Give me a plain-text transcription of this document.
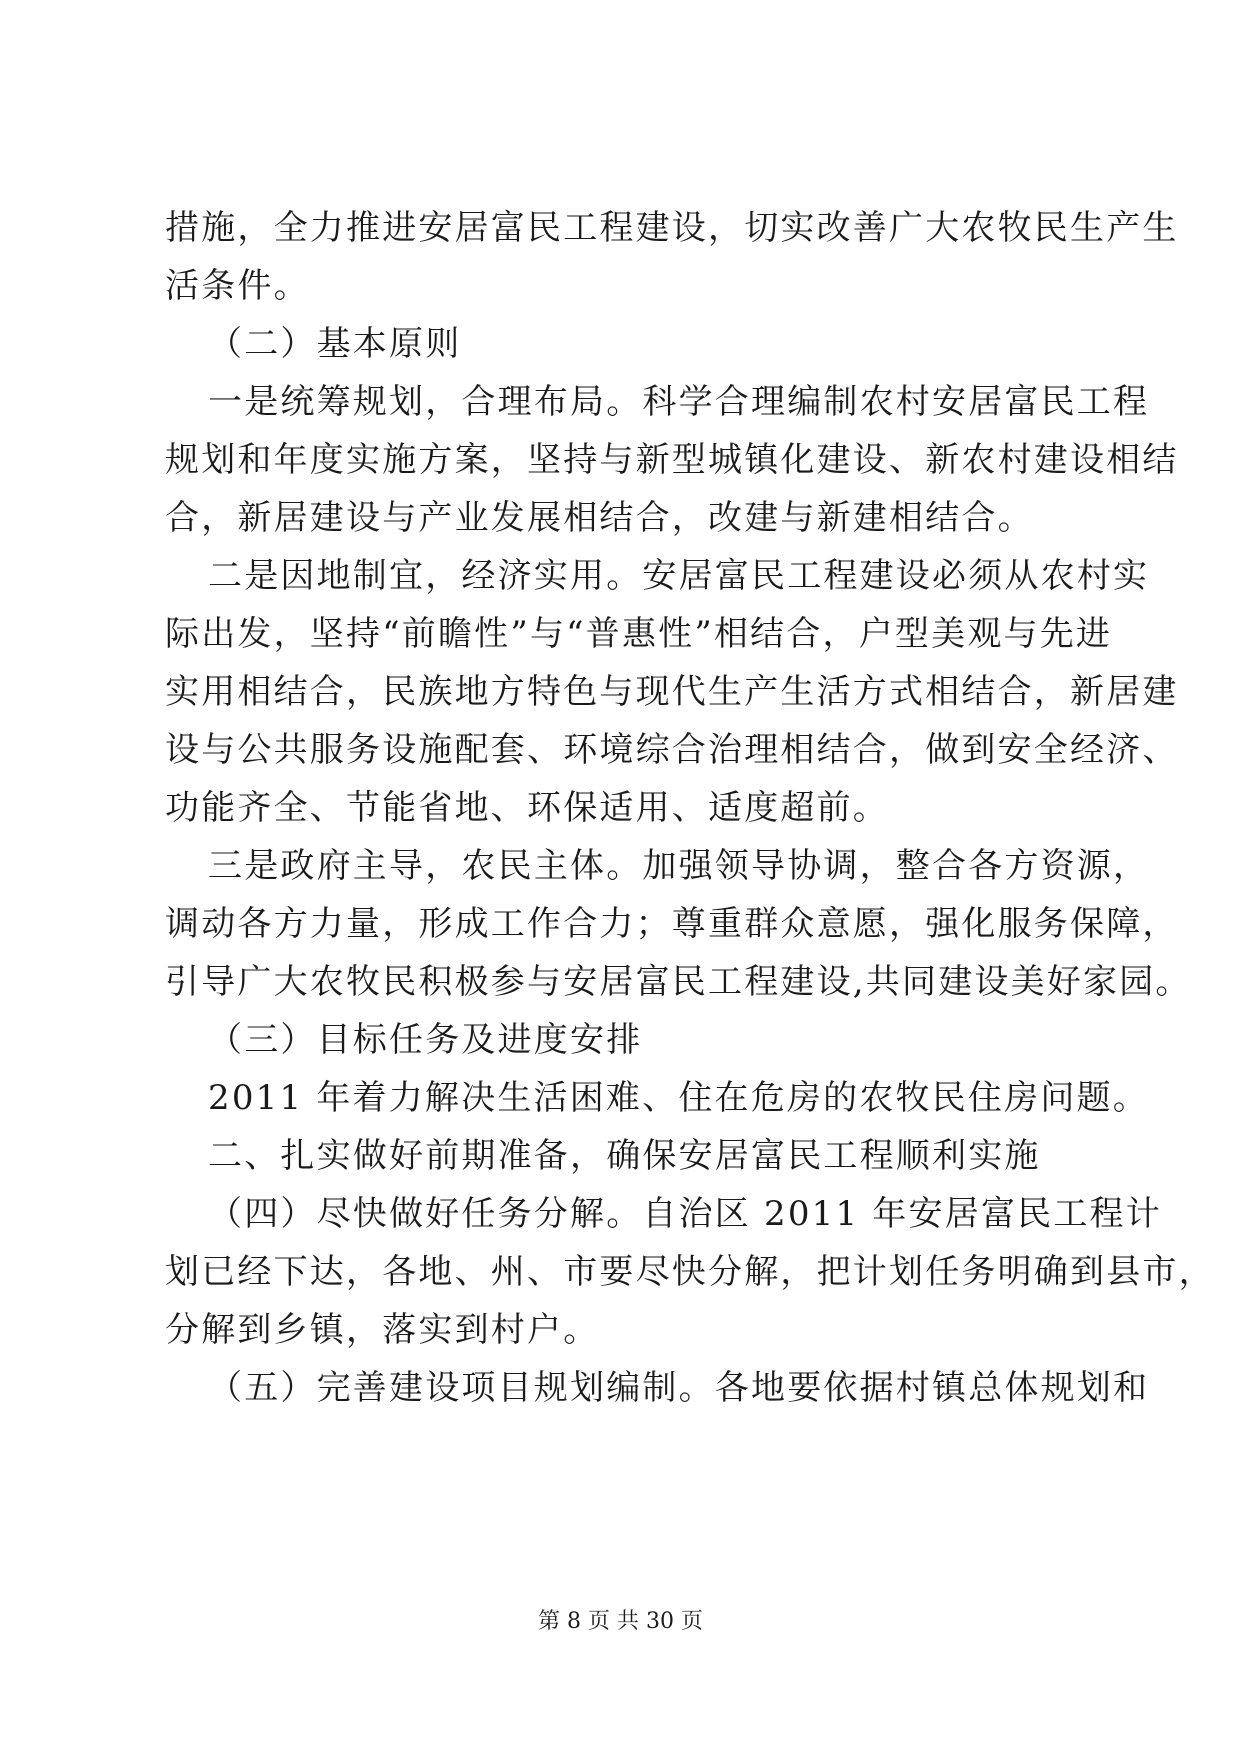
措施，全力推进安居富民工程建设，切实改善广大农牧民生产生

活条件。

（二）基本原则

一是统筹规划，合理布局。科学合理编制农村安居富民工程

规划和年度实施方案，坚持与新型城镇化建设、新农村建设相结

合，新居建设与产业发展相结合，改建与新建相结合。

二是因地制宜，经济实用。安居富民工程建设必须从农村实

际出发，坚持“前瞻性”与“普惠性”相结合，户型美观与先进

实用相结合，民族地方特色与现代生产生活方式相结合，新居建

设与公共服务设施配套、环境综合治理相结合，做到安全经济、

功能齐全、节能省地、环保适用、适度超前。

三是政府主导，农民主体。加强领导协调，整合各方资源，

调动各方力量，形成工作合力；尊重群众意愿，强化服务保障，

引导广大农牧民积极参与安居富民工程建设,共同建设美好家园。

（三）目标任务及进度安排

2011 年着力解决生活困难、住在危房的农牧民住房问题。

二、扎实做好前期准备，确保安居富民工程顺利实施

（四）尽快做好任务分解。自治区 2011 年安居富民工程计

划已经下达，各地、州、市要尽快分解，把计划任务明确到县市，

分解到乡镇，落实到村户。

（五）完善建设项目规划编制。各地要依据村镇总体规划和

第 8 页 共 30 页
